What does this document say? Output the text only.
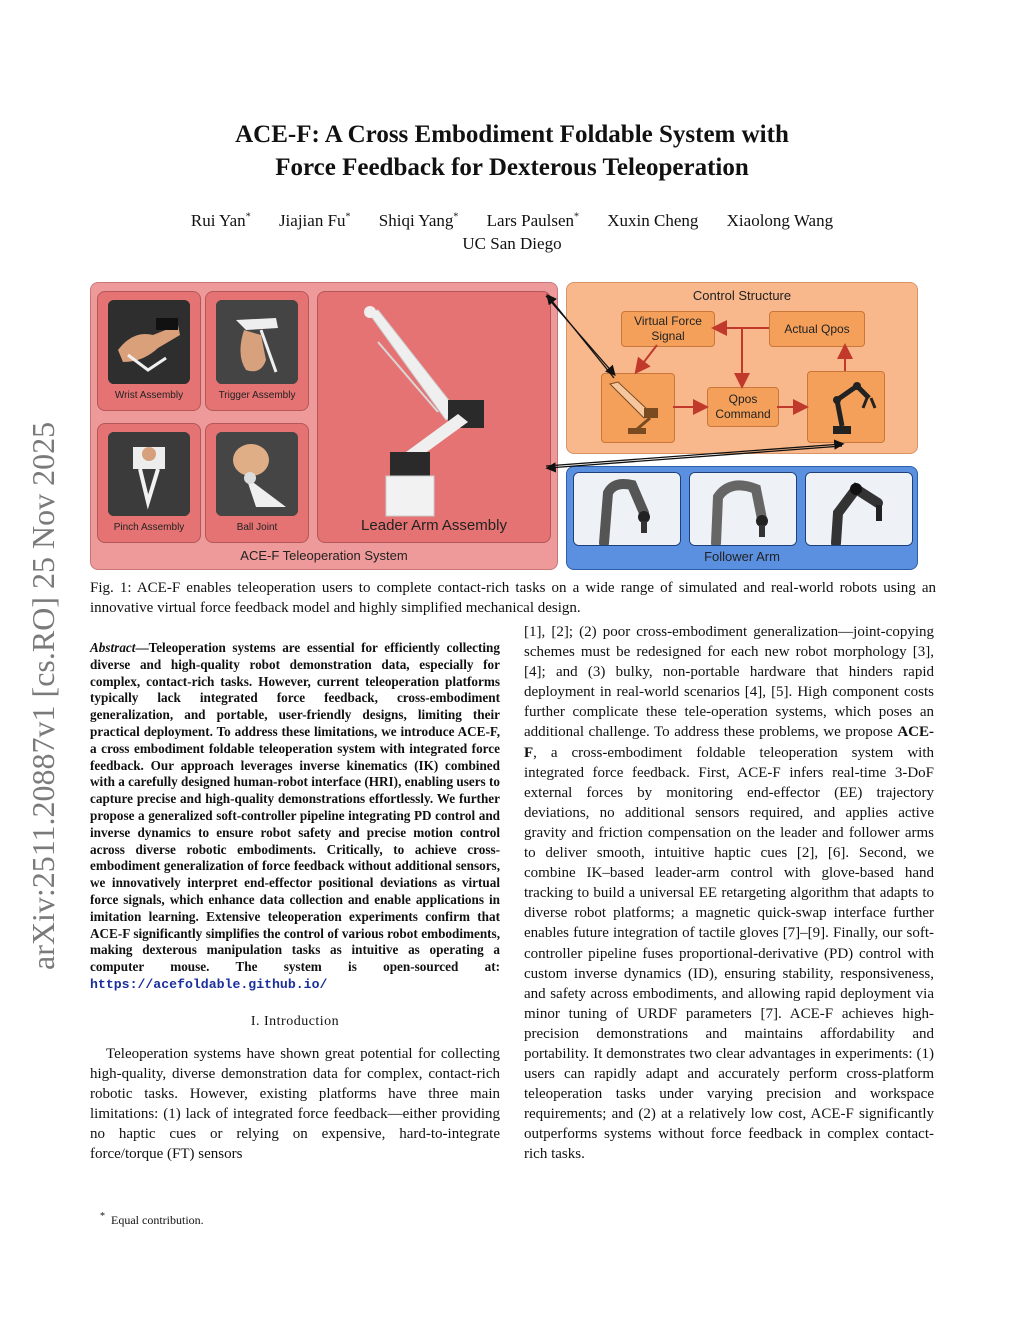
arXiv:2511.20887v1 [cs.RO] 25 Nov 2025
ACE-F: A Cross Embodiment Foldable System with
Force Feedback for Dexterous Teleoperation
Rui Yan* Jiajian Fu* Shiqi Yang* Lars Paulsen* Xuxin Cheng Xiaolong Wang
UC San Diego
Wrist Assembly	Trigger Assembly
Pinch Assembly	Ball Joint	Leader Arm Assembly
ACE-F Teleoperation System
Control Structure
Virtual Force
Signal
Actual Qpos
Qpos
Command
Follower Arm
Fig. 1: ACE-F enables teleoperation users to complete contact-rich tasks on a wide range of simulated and real-world robots using an innovative virtual force feedback model and highly simplified mechanical design.
Abstract—Teleoperation systems are essential for efficiently collecting diverse and high-quality robot demonstration data, especially for complex, contact-rich tasks. However, current teleoperation platforms typically lack integrated force feedback, cross-embodiment generalization, and portable, user-friendly designs, limiting their practical deployment. To address these limitations, we introduce ACE-F, a cross embodiment foldable teleoperation system with integrated force feedback. Our approach leverages inverse kinematics (IK) combined with a carefully designed human-robot interface (HRI), enabling users to capture precise and high-quality demonstrations effortlessly. We further propose a generalized soft-controller pipeline integrating PD control and inverse dynamics to ensure robot safety and precise motion control across diverse robotic embodiments. Critically, to achieve cross-embodiment generalization of force feedback without additional sensors, we innovatively interpret end-effector positional deviations as virtual force signals, which enhance data collection and enable applications in imitation learning. Extensive teleoperation experiments confirm that ACE-F significantly simplifies the control of various robot embodiments, making dexterous manipulation tasks as intuitive as operating a computer mouse. The system is open-sourced at: https://acefoldable.github.io/
I. Introduction
Teleoperation systems have shown great potential for collecting high-quality, diverse demonstration data for complex, contact-rich robotic tasks. However, existing platforms have three main limitations: (1) lack of integrated force feedback—either providing no haptic cues or relying on expensive, hard-to-integrate force/torque (FT) sensors
[1], [2]; (2) poor cross-embodiment generalization—joint-copying schemes must be redesigned for each new robot morphology [3], [4]; and (3) bulky, non-portable hardware that hinders rapid deployment in real-world scenarios [4], [5]. High component costs further complicate these tele-operation systems, which poses an additional challenge. To address these problems, we propose ACE-F, a cross-embodiment foldable teleoperation system with integrated force feedback. First, ACE-F infers real-time 3-DoF external forces by monitoring end-effector (EE) trajectory deviations, no additional sensors required, and applies active gravity and friction compensation on the leader and follower arms to deliver smooth, intuitive haptic cues [2], [6]. Second, we combine IK–based leader-arm control with glove-based hand tracking to build a universal EE retargeting algorithm that adapts to diverse robot platforms; a magnetic quick-swap interface further enables future integration of tactile gloves [7]–[9]. Finally, our soft-controller pipeline fuses proportional-derivative (PD) control with custom inverse dynamics (ID), ensuring stability, responsiveness, and safety across embodiments, and allowing rapid deployment via minor tuning of URDF parameters [7]. ACE-F achieves high-precision demonstrations and maintains affordability and portability. It demonstrates two clear advantages in experiments: (1) users can rapidly adapt and accurately perform cross-platform teleoperation tasks under varying precision and workspace requirements; and (2) at a relatively low cost, ACE-F significantly outperforms systems without force feedback in complex contact-rich tasks.
* Equal contribution.
